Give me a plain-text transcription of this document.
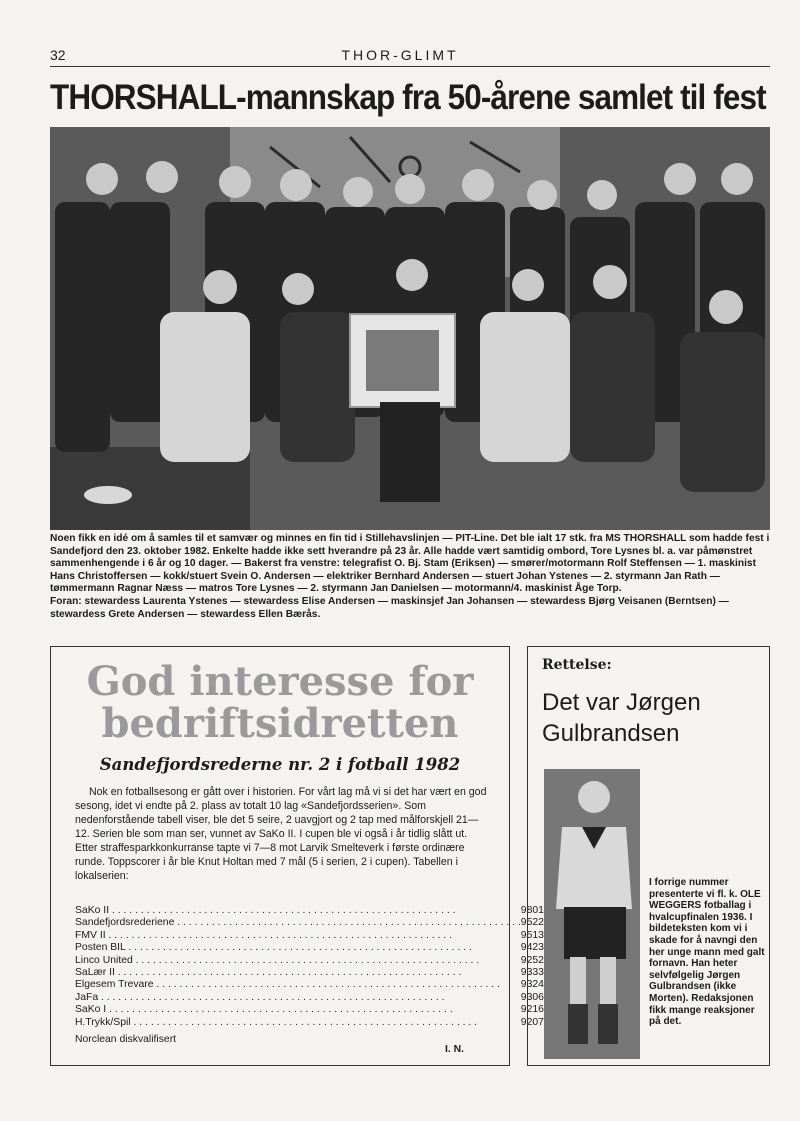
32	THOR-GLIMT
THORSHALL-mannskap fra 50-årene samlet til fest

Noen fikk en idé om å samles til et samvær og minnes en fin tid i Stillehavslinjen — PIT-Line. Det ble ialt 17 stk. fra MS THORSHALL som hadde fest i Sandefjord den 23. oktober 1982. Enkelte hadde ikke sett hverandre på 23 år. Alle hadde vært samtidig ombord, Tore Lysnes bl. a. var påmønstret sammenhengende i 6 år og 10 dager. — Bakerst fra venstre: telegrafist O. Bj. Stam (Eriksen) — smører/motormann Rolf Steffensen — 1. maskinist Hans Christoffersen — kokk/stuert Svein O. Andersen — elektriker Bernhard Andersen — stuert Johan Ystenes — 2. styrmann Jan Rath — tømmermann Ragnar Næss — matros Tore Lysnes — 2. styrmann Jan Danielsen — motormann/4. maskinist Åge Torp.

Foran: stewardess Laurenta Ystenes — stewardess Elise Andersen — maskinsjef Jan Johansen — stewardess Bjørg Veisanen (Berntsen) — stewardess Grete Andersen — stewardess Ellen Bærås.

God interesse for bedriftsidretten
Sandefjordsrederne nr. 2 i fotball 1982
Nok en fotballsesong er gått over i historien. For vårt lag må vi si det har vært en god sesong, idet vi endte på 2. plass av totalt 10 lag «Sandefjordsserien». Som nedenforstående tabell viser, ble det 5 seire, 2 uavgjort og 2 tap med målforskjell 21—12. Serien ble som man ser, vunnet av SaKo II. I cupen ble vi også i år tidlig slått ut. Etter straffesparkkonkurranse tapte vi 7—8 mot Larvik Smelteverk i første ordinære runde. Toppscorer i år ble Knut Holtan med 7 mål (5 i serien, 2 i cupen). Tabellen i lokalserien:
SaKo II . . . . . . . . . . . . . . . . . . . . . . . . . . . . . . . . . . . . . . . . . . . . . . . . . . . . . . . . . . . .	9	8	0	1		
Sandefjordsrederiene . . . . . . . . . . . . . . . . . . . . . . . . . . . . . . . . . . . . . . . . . . . . . . . . . . . . . . . . . . . .	9	5	2	2		
FMV II . . . . . . . . . . . . . . . . . . . . . . . . . . . . . . . . . . . . . . . . . . . . . . . . . . . . . . . . . . . .	9	5	1	3		
Posten BIL . . . . . . . . . . . . . . . . . . . . . . . . . . . . . . . . . . . . . . . . . . . . . . . . . . . . . . . . . . . .	9	4	2	3		
Linco United . . . . . . . . . . . . . . . . . . . . . . . . . . . . . . . . . . . . . . . . . . . . . . . . . . . . . . . . . . . .	9	2	5	2		
SaLær II . . . . . . . . . . . . . . . . . . . . . . . . . . . . . . . . . . . . . . . . . . . . . . . . . . . . . . . . . . . .	9	3	3	3		
Elgesem Trevare . . . . . . . . . . . . . . . . . . . . . . . . . . . . . . . . . . . . . . . . . . . . . . . . . . . . . . . . . . . .	9	3	2	4		
JaFa . . . . . . . . . . . . . . . . . . . . . . . . . . . . . . . . . . . . . . . . . . . . . . . . . . . . . . . . . . . .	9	3	0	6		
SaKo I . . . . . . . . . . . . . . . . . . . . . . . . . . . . . . . . . . . . . . . . . . . . . . . . . . . . . . . . . . . .	9	2	1	6		
H.Trykk/Spil . . . . . . . . . . . . . . . . . . . . . . . . . . . . . . . . . . . . . . . . . . . . . . . . . . . . . . . . . . . .	9	2	0	7		
Norclean diskvalifisert
I. N.
Rettelse:
Det var Jørgen Gulbrandsen
I forrige nummer presenterte vi fl. k. OLE WEGGERS fotballag i hvalcupfinalen 1936. I bildeteksten kom vi i skade for å navngi den her unge mann med galt fornavn. Han heter selvfølgelig Jørgen Gulbrandsen (ikke Morten). Redaksjonen fikk mange reaksjoner på det.
